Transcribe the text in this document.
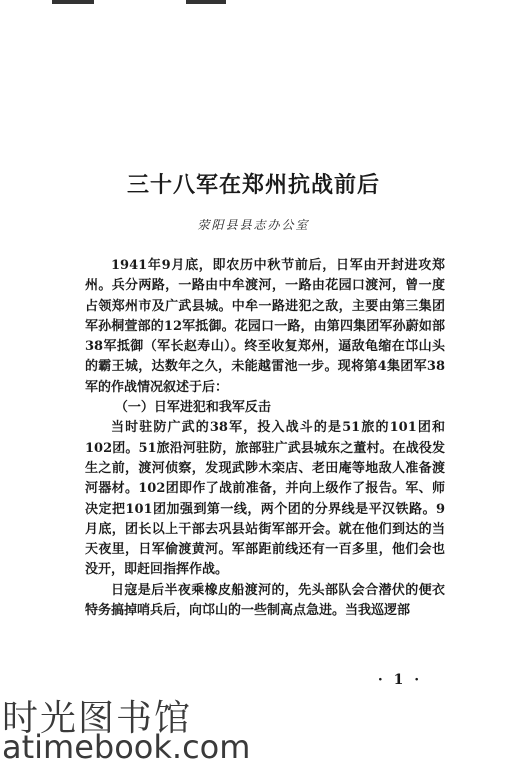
三十八军在郑州抗战前后
荥阳县县志办公室

1941年9月底，即农历中秋节前后，日军由开封进攻郑州。兵分两路，一路由中牟渡河，一路由花园口渡河，曾一度占领郑州市及广武县城。中牟一路进犯之敌，主要由第三集团军孙桐萱部的12军抵御。花园口一路，由第四集团军孙蔚如部38军抵御（军长赵寿山）。终至收复郑州，逼敌龟缩在邙山头的霸王城，达数年之久，未能越雷池一步。现将第4集团军38军的作战情况叙述于后：

（一）日军进犯和我军反击

当时驻防广武的38军，投入战斗的是51旅的101团和102团。51旅沿河驻防，旅部驻广武县城东之董村。在战役发生之前，渡河侦察，发现武陟木栾店、老田庵等地敌人准备渡河器材。102团即作了战前准备，并向上级作了报告。军、师决定把101团加强到第一线，两个团的分界线是平汉铁路。9月底，团长以上干部去巩县站街军部开会。就在他们到达的当天夜里，日军偷渡黄河。军部距前线还有一百多里，他们会也没开，即赶回指挥作战。

日寇是后半夜乘橡皮船渡河的，先头部队会合潜伏的便衣特务搞掉哨兵后，向邙山的一些制高点急进。当我巡逻部

· 1 ·
时光图书馆
atimebook.com
